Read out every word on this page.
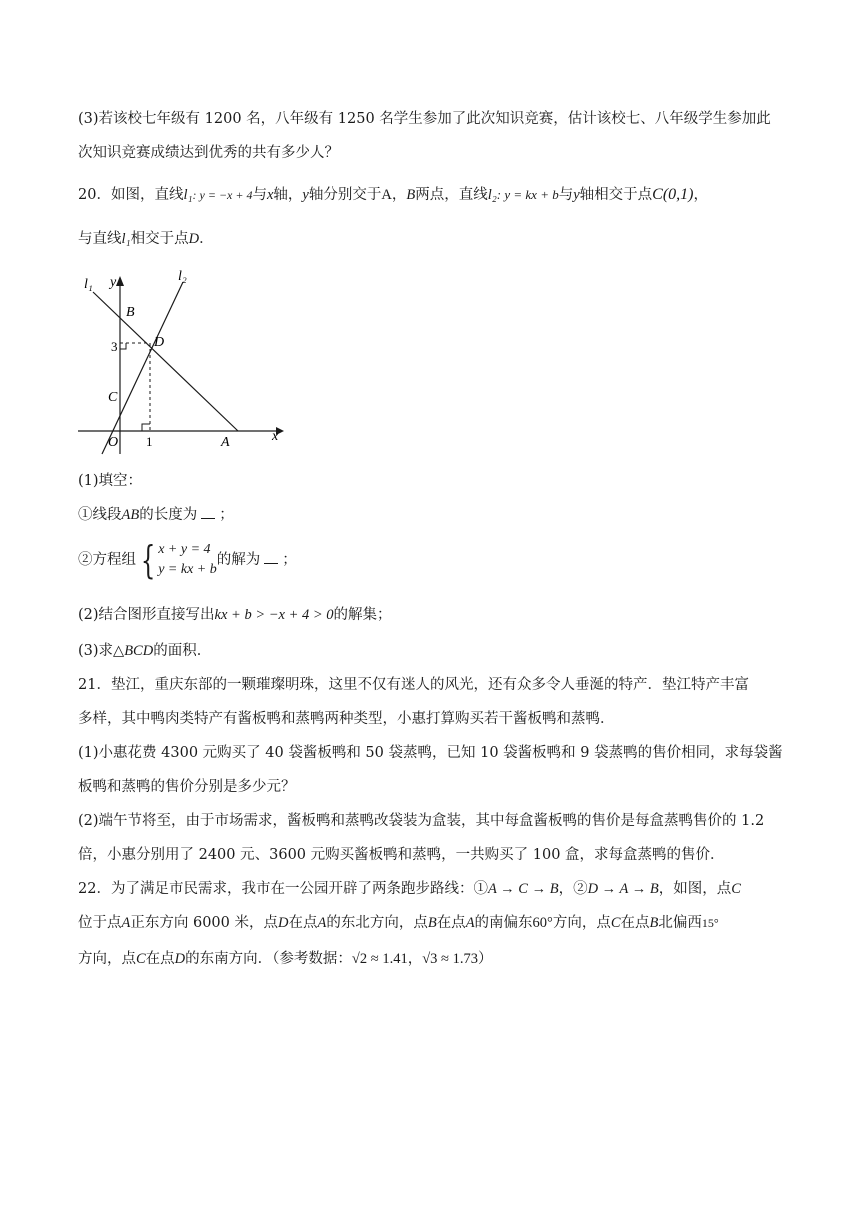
(3)若该校七年级有 1200 名，八年级有 1250 名学生参加了此次知识竞赛，估计该校七、八年级学生参加此
次知识竞赛成绩达到优秀的共有多少人？
20．如图，直线l₁: y = −x + 4与x轴，y轴分别交于A，B两点，直线l₂: y = kx + b与y轴相交于点C(0,1)，
与直线l₁相交于点D．
l₁
l₂
y
x
B
D
C
O	A
3
1
(1)填空：
①线段AB的长度为 ；
②方程组 { x + y = 4
y = kx + b
的解为 ；
(2)结合图形直接写出kx + b > −x + 4 > 0的解集；
(3)求△BCD的面积．
21．垫江，重庆东部的一颗璀璨明珠，这里不仅有迷人的风光，还有众多令人垂涎的特产．垫江特产丰富
多样，其中鸭肉类特产有酱板鸭和蒸鸭两种类型，小惠打算购买若干酱板鸭和蒸鸭．
(1)小惠花费 4300 元购买了 40 袋酱板鸭和 50 袋蒸鸭，已知 10 袋酱板鸭和 9 袋蒸鸭的售价相同，求每袋酱
板鸭和蒸鸭的售价分别是多少元？
(2)端午节将至，由于市场需求，酱板鸭和蒸鸭改袋装为盒装，其中每盒酱板鸭的售价是每盒蒸鸭售价的 1.2
倍，小惠分别用了 2400 元、3600 元购买酱板鸭和蒸鸭，一共购买了 100 盒，求每盒蒸鸭的售价．
22．为了满足市民需求，我市在一公园开辟了两条跑步路线：①A → C → B，②D → A → B，如图，点C
位于点A正东方向 6000 米，点D在点A的东北方向，点B在点A的南偏东60°方向，点C在点B北偏西15°
方向，点C在点D的东南方向．（参考数据：√2 ≈ 1.41，√3 ≈ 1.73）
